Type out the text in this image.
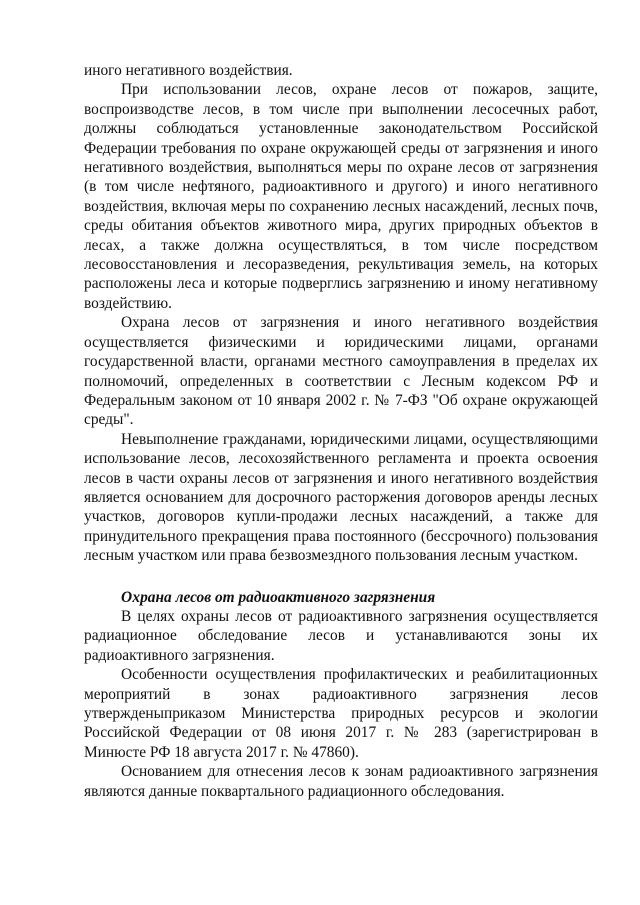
иного негативного воздействия.

При использовании лесов, охране лесов от пожаров, защите, воспроизводстве лесов, в том числе при выполнении лесосечных работ, должны соблюдаться установленные законодательством Российской Федерации требования по охране окружающей среды от загрязнения и иного негативного воздействия, выполняться меры по охране лесов от загрязнения (в том числе нефтяного, радиоактивного и другого) и иного негативного воздействия, включая меры по сохранению лесных насаждений, лесных почв, среды обитания объектов животного мира, других природных объектов в лесах, а также должна осуществляться, в том числе посредством лесовосстановления и лесоразведения, рекультивация земель, на которых расположены леса и которые подверглись загрязнению и иному негативному воздействию.

Охрана лесов от загрязнения и иного негативного воздействия осуществляется физическими и юридическими лицами, органами государственной власти, органами местного самоуправления в пределах их полномочий, определенных в соответствии с Лесным кодексом РФ и Федеральным законом от 10 января 2002 г. № 7-ФЗ "Об охране окружающей среды".

Невыполнение гражданами, юридическими лицами, осуществляющими использование лесов, лесохозяйственного регламента и проекта освоения лесов в части охраны лесов от загрязнения и иного негативного воздействия является основанием для досрочного расторжения договоров аренды лесных участков, договоров купли-продажи лесных насаждений, а также для принудительного прекращения права постоянного (бессрочного) пользования лесным участком или права безвозмездного пользования лесным участком.

Охрана лесов от радиоактивного загрязнения

В целях охраны лесов от радиоактивного загрязнения осуществляется радиационное обследование лесов и устанавливаются зоны их радиоактивного загрязнения.

Особенности осуществления профилактических и реабилитационных мероприятий в зонах радиоактивного загрязнения лесов утвержденыприказом Министерства природных ресурсов и экологии Российской Федерации от 08 июня 2017 г. № 283 (зарегистрирован в Минюсте РФ 18 августа 2017 г. № 47860).

Основанием для отнесения лесов к зонам радиоактивного загрязнения являются данные поквартального радиационного обследования.
